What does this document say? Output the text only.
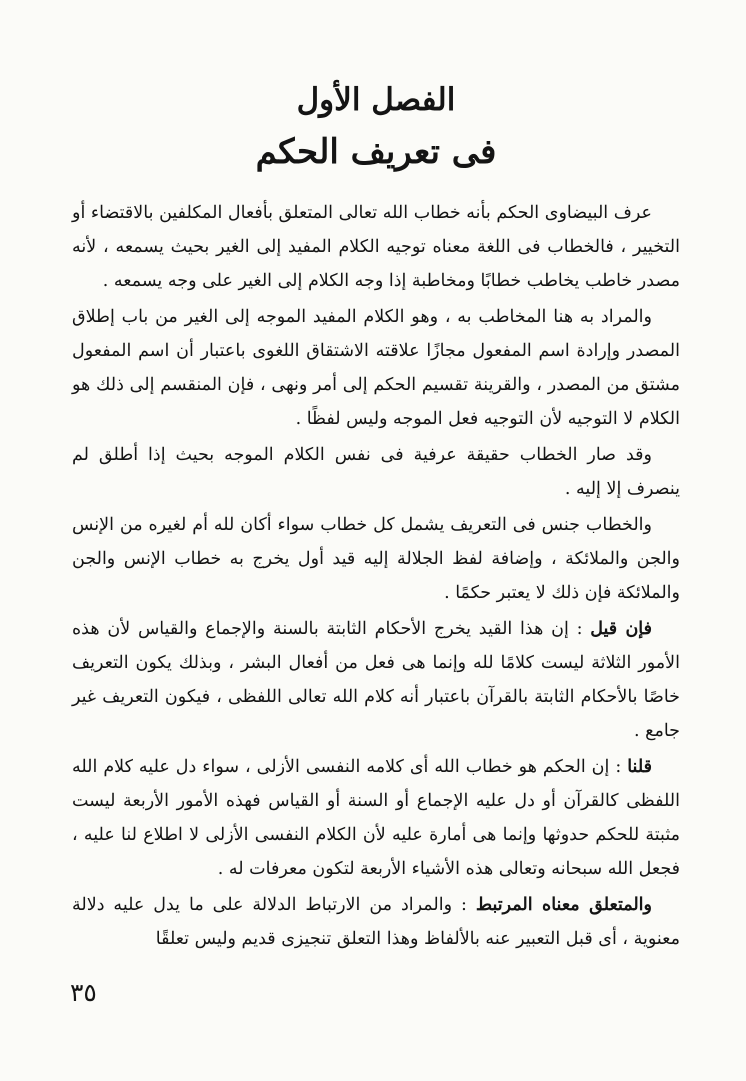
الفصل الأول
فى تعريف الحكم

عرف البيضاوى الحكم بأنه خطاب الله تعالى المتعلق بأفعال المكلفين بالاقتضاء أو التخيير ، فالخطاب فى اللغة معناه توجيه الكلام المفيد إلى الغير بحيث يسمعه ، لأنه مصدر خاطب يخاطب خطابًا ومخاطبة إذا وجه الكلام إلى الغير على وجه يسمعه .

والمراد به هنا المخاطب به ، وهو الكلام المفيد الموجه إلى الغير من باب إطلاق المصدر وإرادة اسم المفعول مجازًا علاقته الاشتقاق اللغوى باعتبار أن اسم المفعول مشتق من المصدر ، والقرينة تقسيم الحكم إلى أمر ونهى ، فإن المنقسم إلى ذلك هو الكلام لا التوجيه لأن التوجيه فعل الموجه وليس لفظًا .

وقد صار الخطاب حقيقة عرفية فى نفس الكلام الموجه بحيث إذا أطلق لم ينصرف إلا إليه .

والخطاب جنس فى التعريف يشمل كل خطاب سواء أكان لله أم لغيره من الإنس والجن والملائكة ، وإضافة لفظ الجلالة إليه قيد أول يخرج به خطاب الإنس والجن والملائكة فإن ذلك لا يعتبر حكمًا .

فإن قيل : إن هذا القيد يخرج الأحكام الثابتة بالسنة والإجماع والقياس لأن هذه الأمور الثلاثة ليست كلامًا لله وإنما هى فعل من أفعال البشر ، وبذلك يكون التعريف خاصًا بالأحكام الثابتة بالقرآن باعتبار أنه كلام الله تعالى اللفظى ، فيكون التعريف غير جامع .

قلنا : إن الحكم هو خطاب الله أى كلامه النفسى الأزلى ، سواء دل عليه كلام الله اللفظى كالقرآن أو دل عليه الإجماع أو السنة أو القياس فهذه الأمور الأربعة ليست مثبتة للحكم حدوثها وإنما هى أمارة عليه لأن الكلام النفسى الأزلى لا اطلاع لنا عليه ، فجعل الله سبحانه وتعالى هذه الأشياء الأربعة لتكون معرفات له .

والمتعلق معناه المرتبط : والمراد من الارتباط الدلالة على ما يدل عليه دلالة معنوية ، أى قبل التعبير عنه بالألفاظ وهذا التعلق تنجيزى قديم وليس تعلقًا

٣٥
